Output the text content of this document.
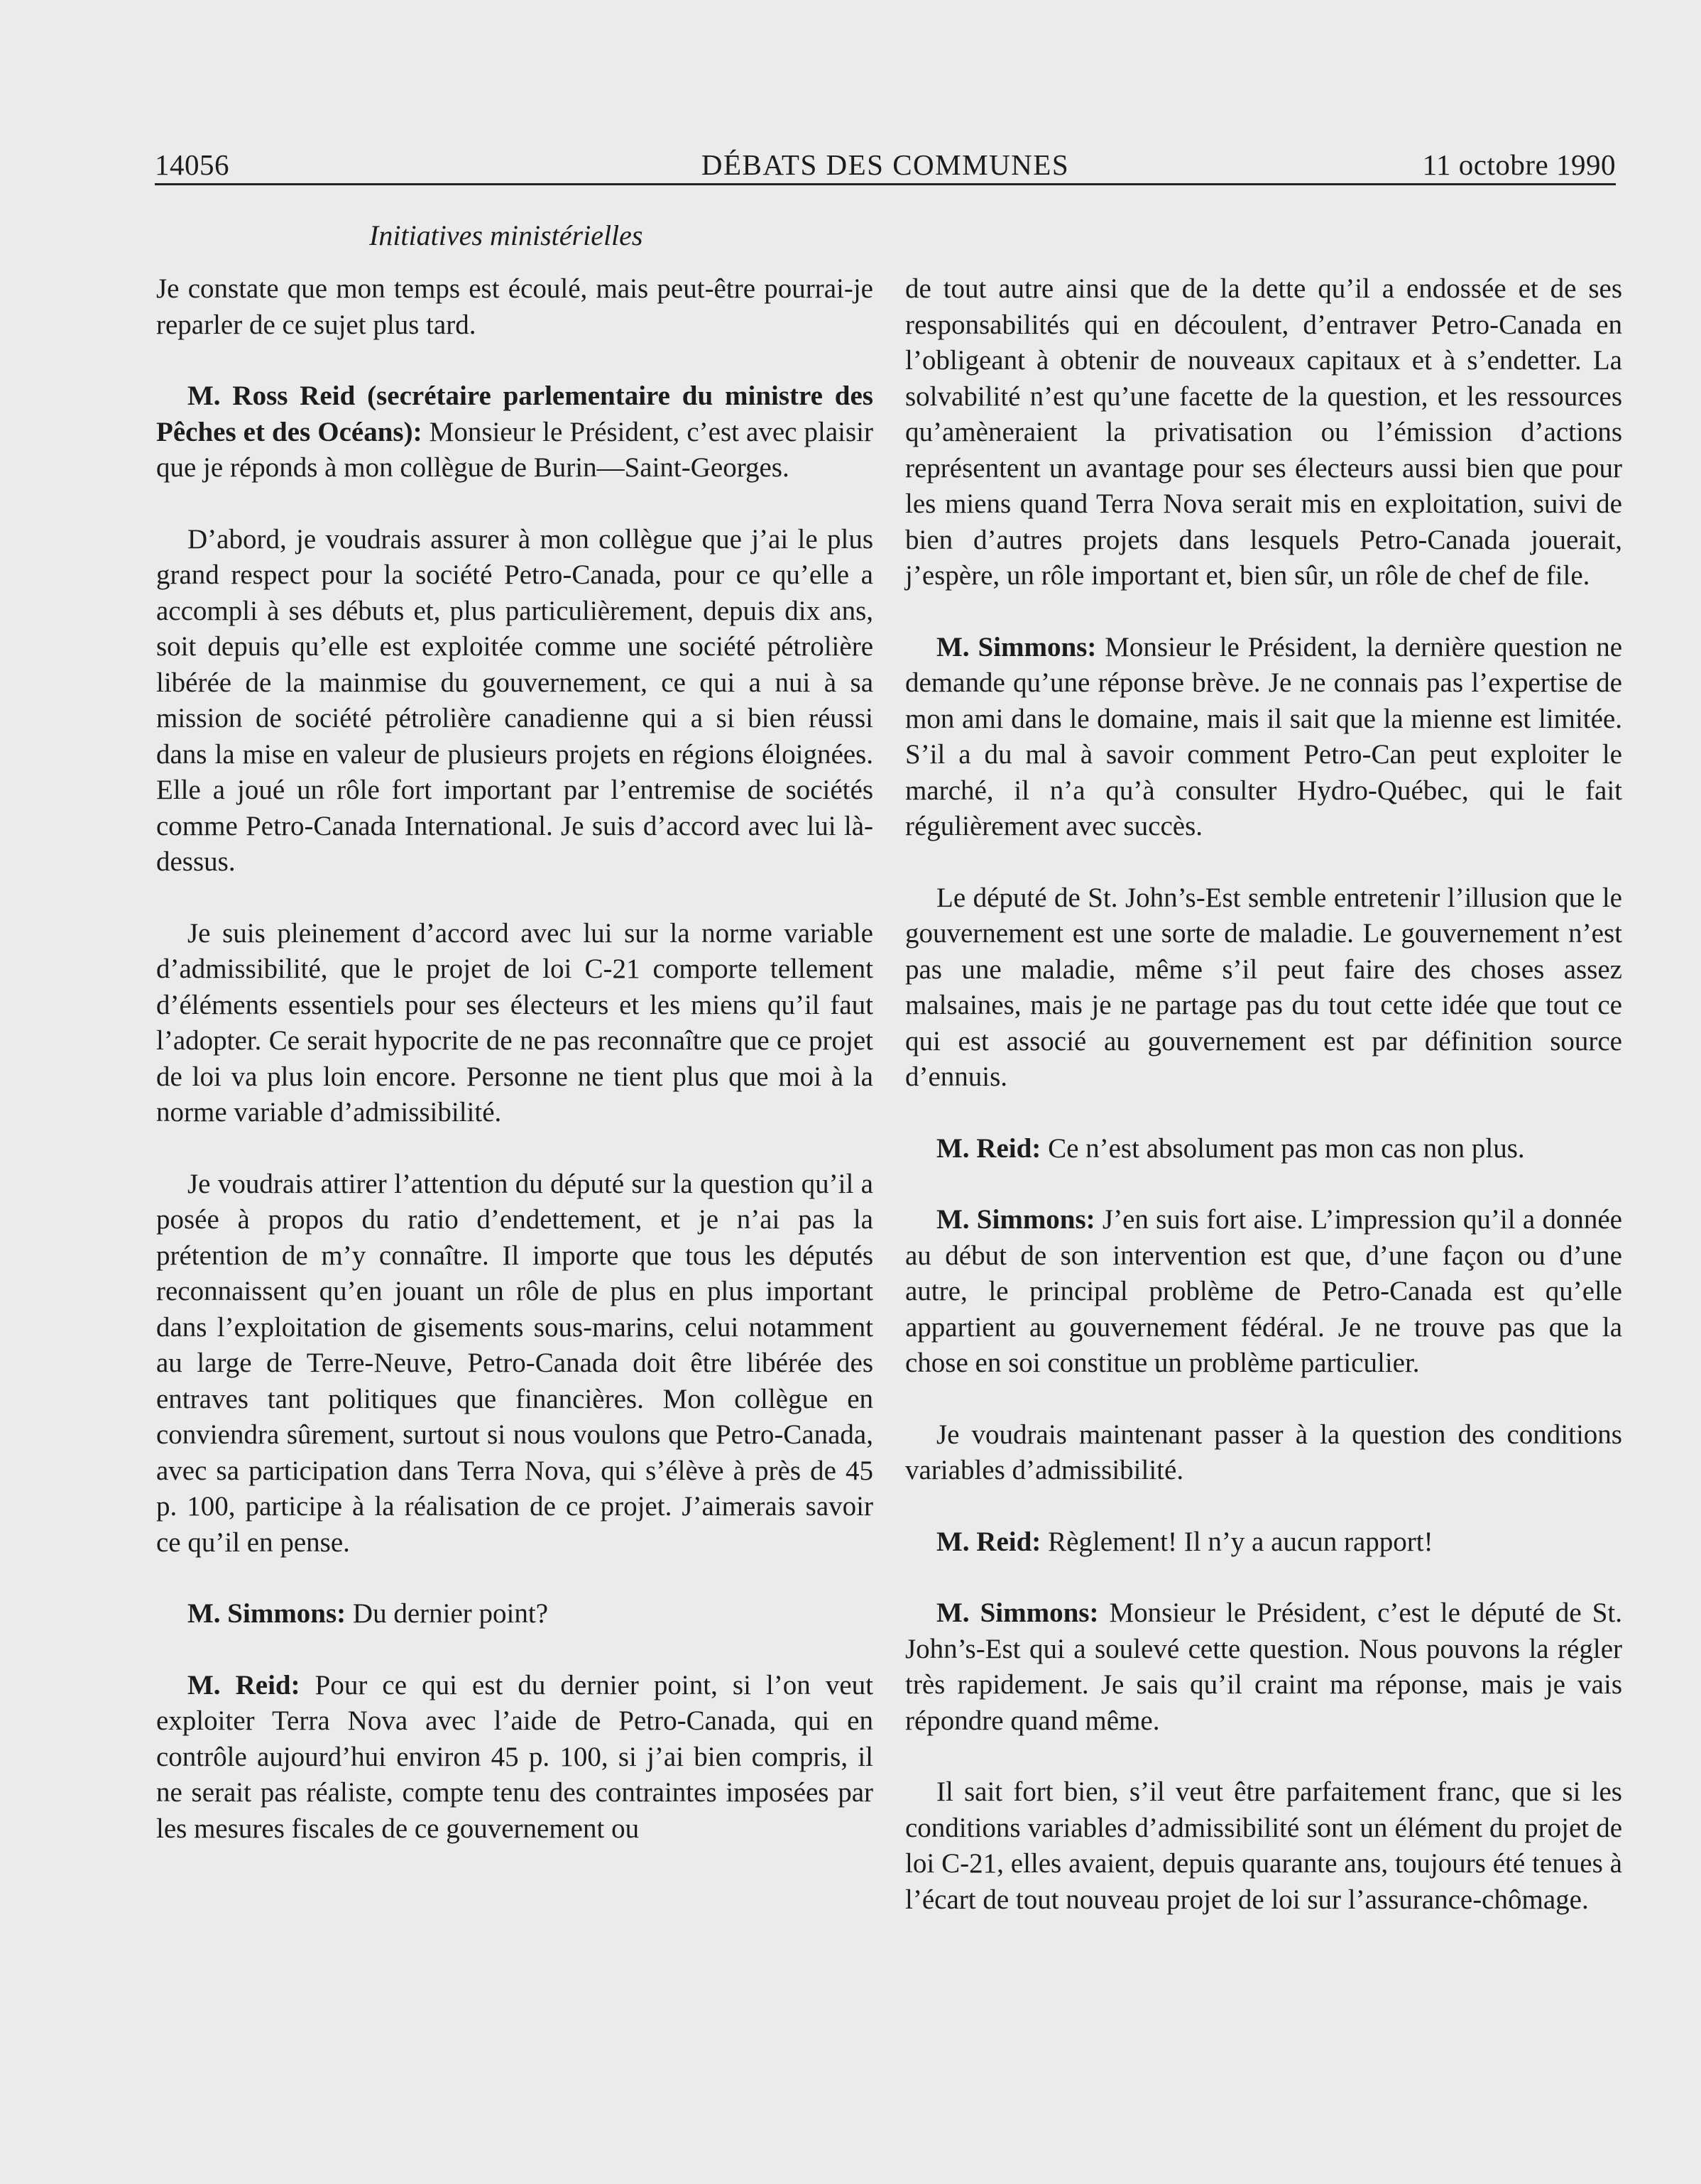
14056	DÉBATS DES COMMUNES	11 octobre 1990
Initiatives ministérielles

Je constate que mon temps est écoulé, mais peut-être pourrai-je reparler de ce sujet plus tard.

M. Ross Reid (secrétaire parlementaire du ministre des Pêches et des Océans): Monsieur le Président, c’est avec plaisir que je réponds à mon collègue de Burin—Saint-Georges.

D’abord, je voudrais assurer à mon collègue que j’ai le plus grand respect pour la société Petro-Canada, pour ce qu’elle a accompli à ses débuts et, plus particulièrement, depuis dix ans, soit depuis qu’elle est exploitée comme une société pétrolière libérée de la mainmise du gouvernement, ce qui a nui à sa mission de société pétrolière canadienne qui a si bien réussi dans la mise en valeur de plusieurs projets en régions éloignées. Elle a joué un rôle fort important par l’entremise de sociétés comme Petro-Canada International. Je suis d’accord avec lui là-dessus.

Je suis pleinement d’accord avec lui sur la norme variable d’admissibilité, que le projet de loi C-21 comporte tellement d’éléments essentiels pour ses électeurs et les miens qu’il faut l’adopter. Ce serait hypocrite de ne pas reconnaître que ce projet de loi va plus loin encore. Personne ne tient plus que moi à la norme variable d’admissibilité.

Je voudrais attirer l’attention du député sur la question qu’il a posée à propos du ratio d’endettement, et je n’ai pas la prétention de m’y connaître. Il importe que tous les députés reconnaissent qu’en jouant un rôle de plus en plus important dans l’exploitation de gisements sous-marins, celui notamment au large de Terre-Neuve, Petro-Canada doit être libérée des entraves tant politiques que financières. Mon collègue en conviendra sûrement, surtout si nous voulons que Petro-Canada, avec sa participation dans Terra Nova, qui s’élève à près de 45 p. 100, participe à la réalisation de ce projet. J’aimerais savoir ce qu’il en pense.

M. Simmons: Du dernier point?

M. Reid: Pour ce qui est du dernier point, si l’on veut exploiter Terra Nova avec l’aide de Petro-Canada, qui en contrôle aujourd’hui environ 45 p. 100, si j’ai bien compris, il ne serait pas réaliste, compte tenu des contraintes imposées par les mesures fiscales de ce gouvernement ou

de tout autre ainsi que de la dette qu’il a endossée et de ses responsabilités qui en découlent, d’entraver Petro-Canada en l’obligeant à obtenir de nouveaux capitaux et à s’endetter. La solvabilité n’est qu’une facette de la question, et les ressources qu’amèneraient la privatisation ou l’émission d’actions représentent un avantage pour ses électeurs aussi bien que pour les miens quand Terra Nova serait mis en exploitation, suivi de bien d’autres projets dans lesquels Petro-Canada jouerait, j’espère, un rôle important et, bien sûr, un rôle de chef de file.

M. Simmons: Monsieur le Président, la dernière question ne demande qu’une réponse brève. Je ne connais pas l’expertise de mon ami dans le domaine, mais il sait que la mienne est limitée. S’il a du mal à savoir comment Petro-Can peut exploiter le marché, il n’a qu’à consulter Hydro-Québec, qui le fait régulièrement avec succès.

Le député de St. John’s-Est semble entretenir l’illusion que le gouvernement est une sorte de maladie. Le gouvernement n’est pas une maladie, même s’il peut faire des choses assez malsaines, mais je ne partage pas du tout cette idée que tout ce qui est associé au gouvernement est par définition source d’ennuis.

M. Reid: Ce n’est absolument pas mon cas non plus.

M. Simmons: J’en suis fort aise. L’impression qu’il a donnée au début de son intervention est que, d’une façon ou d’une autre, le principal problème de Petro-Canada est qu’elle appartient au gouvernement fédéral. Je ne trouve pas que la chose en soi constitue un problème particulier.

Je voudrais maintenant passer à la question des conditions variables d’admissibilité.

M. Reid: Règlement! Il n’y a aucun rapport!

M. Simmons: Monsieur le Président, c’est le député de St. John’s-Est qui a soulevé cette question. Nous pouvons la régler très rapidement. Je sais qu’il craint ma réponse, mais je vais répondre quand même.

Il sait fort bien, s’il veut être parfaitement franc, que si les conditions variables d’admissibilité sont un élément du projet de loi C-21, elles avaient, depuis quarante ans, toujours été tenues à l’écart de tout nouveau projet de loi sur l’assurance-chômage.
